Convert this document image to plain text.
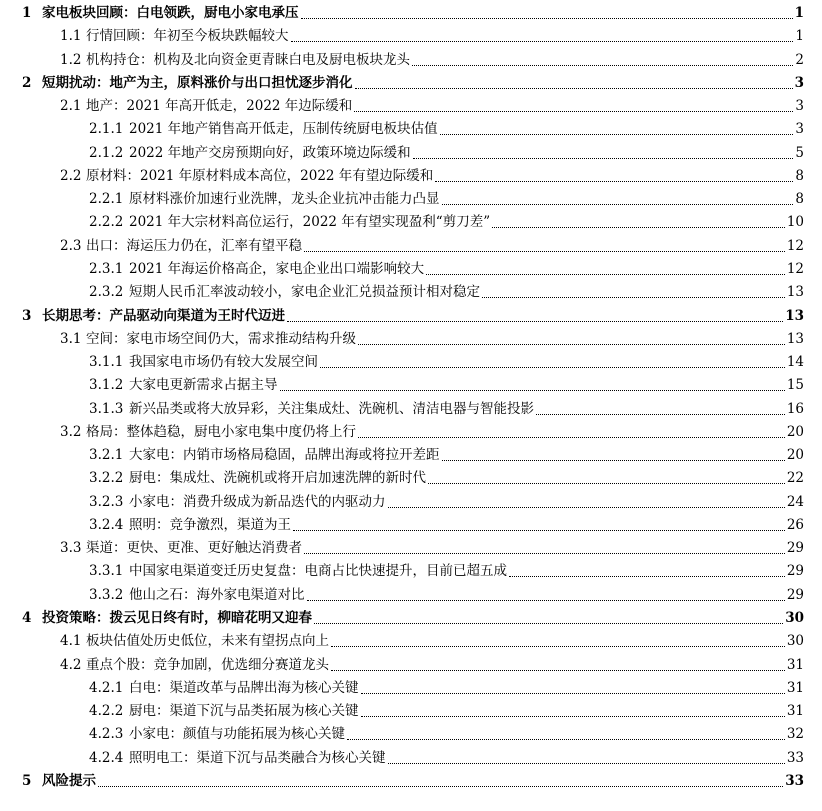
1 家电板块回顾：白电领跌，厨电小家电承压	1
1.1 行情回顾：年初至今板块跌幅较大	1
1.2 机构持仓：机构及北向资金更青睐白电及厨电板块龙头	2
2 短期扰动：地产为主，原料涨价与出口担忧逐步消化	3
2.1 地产：2021 年高开低走，2022 年边际缓和	3
2.1.1 2021 年地产销售高开低走，压制传统厨电板块估值	3
2.1.2 2022 年地产交房预期向好，政策环境边际缓和	5
2.2 原材料：2021 年原材料成本高位，2022 年有望边际缓和	8
2.2.1 原材料涨价加速行业洗牌，龙头企业抗冲击能力凸显	8
2.2.2 2021 年大宗材料高位运行，2022 年有望实现盈利“剪刀差”	10
2.3 出口：海运压力仍在，汇率有望平稳	12
2.3.1 2021 年海运价格高企，家电企业出口端影响较大	12
2.3.2 短期人民币汇率波动较小，家电企业汇兑损益预计相对稳定	13
3 长期思考：产品驱动向渠道为王时代迈进	13
3.1 空间：家电市场空间仍大，需求推动结构升级	13
3.1.1 我国家电市场仍有较大发展空间	14
3.1.2 大家电更新需求占据主导	15
3.1.3 新兴品类或将大放异彩，关注集成灶、洗碗机、清洁电器与智能投影	16
3.2 格局：整体趋稳，厨电小家电集中度仍将上行	20
3.2.1 大家电：内销市场格局稳固，品牌出海或将拉开差距	20
3.2.2 厨电：集成灶、洗碗机或将开启加速洗牌的新时代	22
3.2.3 小家电：消费升级成为新品迭代的内驱动力	24
3.2.4 照明：竞争激烈，渠道为王	26
3.3 渠道：更快、更准、更好触达消费者	29
3.3.1 中国家电渠道变迁历史复盘：电商占比快速提升，目前已超五成	29
3.3.2 他山之石：海外家电渠道对比	29
4 投资策略：拨云见日终有时，柳暗花明又迎春	30
4.1 板块估值处历史低位，未来有望拐点向上	30
4.2 重点个股：竞争加剧，优选细分赛道龙头	31
4.2.1 白电：渠道改革与品牌出海为核心关键	31
4.2.2 厨电：渠道下沉与品类拓展为核心关键	31
4.2.3 小家电：颜值与功能拓展为核心关键	32
4.2.4 照明电工：渠道下沉与品类融合为核心关键	33
5 风险提示	33
